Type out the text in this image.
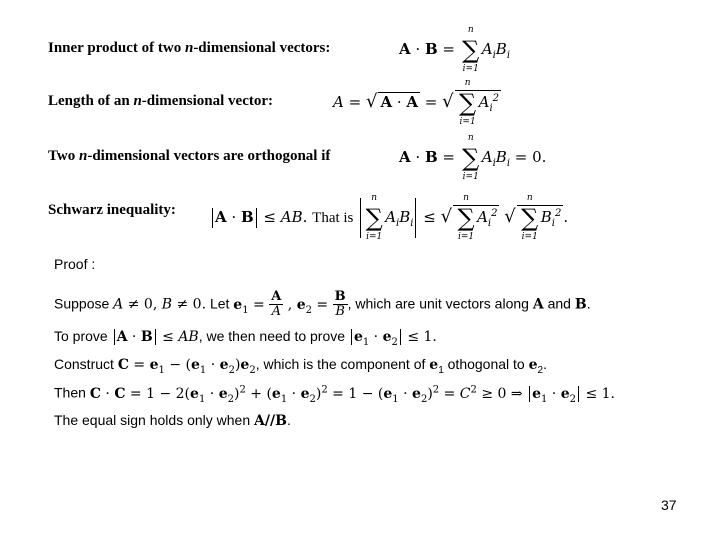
Inner product of two n-dimensional vectors:	A · B =
n
∑
i=1
$A_iB_i$
Length of an n-dimensional vector:	A = √ A · A = √
n
∑
i=1
$A_i^2$
Two n-dimensional vectors are orthogonal if	A · B =
n
∑
i=1
$A_iB_i = 0$.
Schwarz inequality:	A · B ≤ AB. That is
n
∑
i=1
$A_iB_i$ ≤ √
n
∑
i=1
$A_i^2$ √
n
∑
i=1
$B_i^2$ .
Proof :
Suppose A ≠ 0, B ≠ 0. Let $e_1 = \frac{A}{A}$ , $e_2 = \frac{B}{B}$ , which are unit vectors along A and B.
To prove A · B ≤ AB, we then need to prove $e_1 \cdot e_2 \le 1$.
Construct $C = e_1 - (e_1 \cdot e_2)e_2$, which is the component of $e_1$ othogonal to $e_2$.
Then $C \cdot C = 1 - 2(e_1 \cdot e_2)^2 + (e_1 \cdot e_2)^2 = 1 - (e_1 \cdot e_2)^2 = C^2 \ge 0$ ⇒ $e_1 \cdot e_2 \le 1$.
The equal sign holds only when A//B.
37
